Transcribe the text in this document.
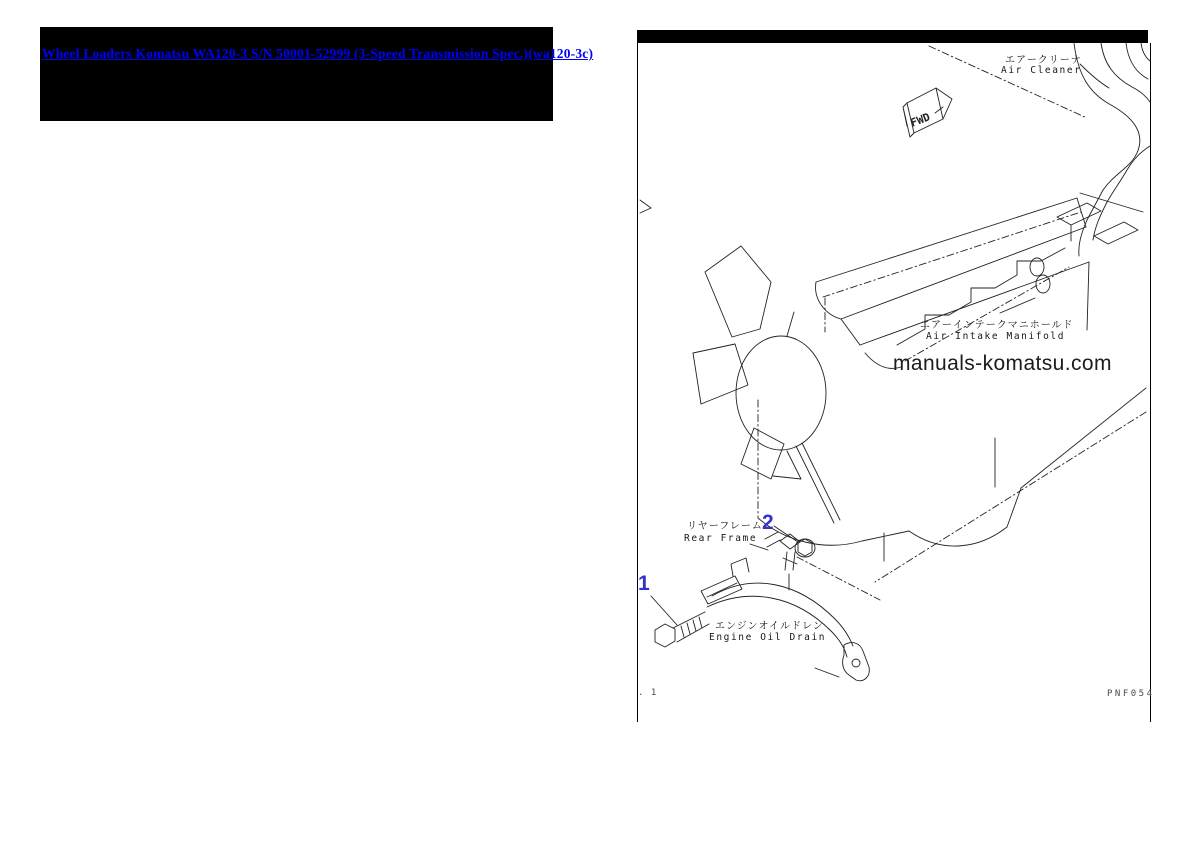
Wheel Loaders Komatsu WA120-3 S/N 50001-52999 (3-Speed Transmission Spec.)(wa120-3c)
FWD
エアークリーナ
Air Cleaner
エアーインテークマニホールド
Air Intake Manifold
manuals-komatsu.com
リヤーフレーム
Rear Frame
エンジンオイルドレン
Engine Oil Drain
2
1
. 1	PNF054
